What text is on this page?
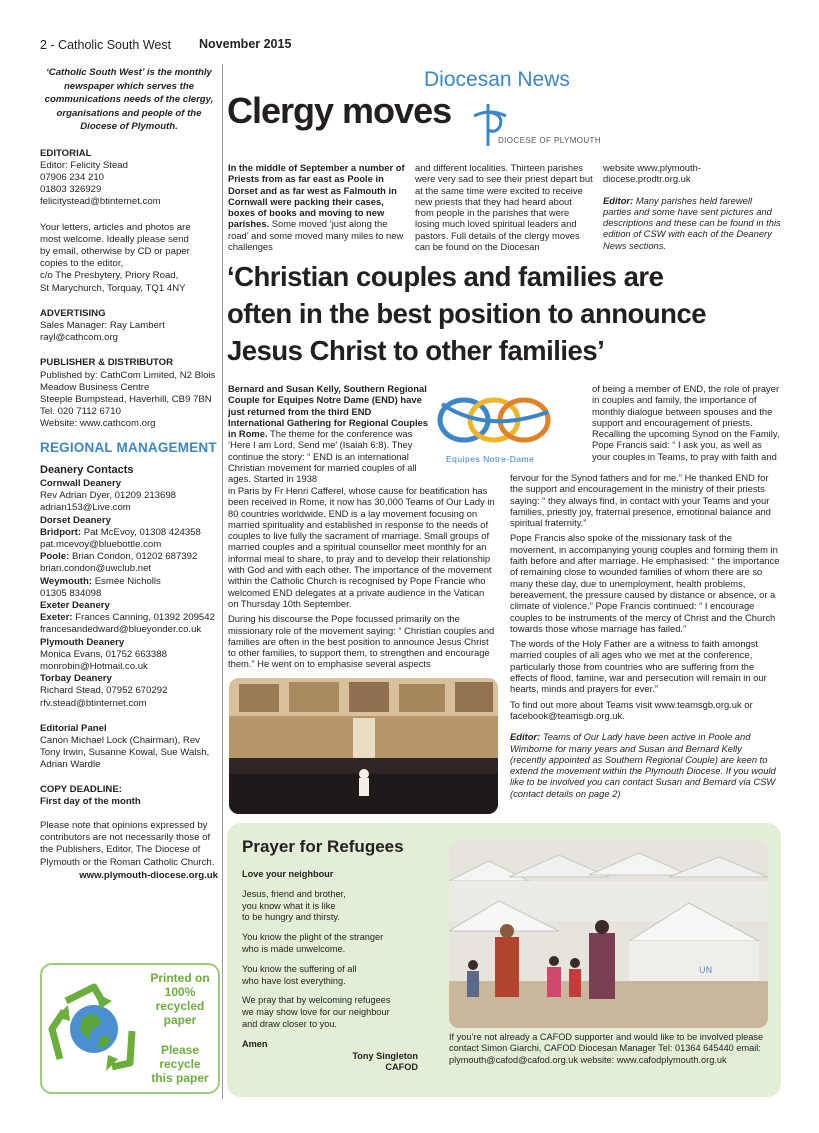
2 - Catholic South West November 2015
‘Catholic South West’ is the monthly
newspaper which serves the
communications needs of the clergy,
organisations and people of the
Diocese of Plymouth.
EDITORIAL
Editor: Felicity Stead
07906 234 210
01803 326929
felicitystead@btinternet.com
Your letters, articles and photos are
most welcome. Ideally please send
by email, otherwise by CD or paper
copies to the editor,
c/o The Presbytery, Priory Road,
St Marychurch, Torquay, TQ1 4NY
ADVERTISING
Sales Manager: Ray Lambert
rayl@cathcom.org
PUBLISHER & DISTRIBUTOR
Published by: CathCom Limited, N2 Blois
Meadow Business Centre
Steeple Bumpstead, Haverhill, CB9 7BN
Tel. 020 7112 6710
Website: www.cathcom.org
REGIONAL MANAGEMENT
Deanery Contacts
Cornwall Deanery
Rev Adrian Dyer, 01209 213698
adrian153@Live.com
Dorset Deanery
Bridport: Pat McEvoy, 01308 424358
pat.mcevoy@bluebottle.com
Poole: Brian Condon, 01202 687392
brian.condon@uwclub.net
Weymouth: Esmée Nicholls
01305 834098
Exeter Deanery
Exeter: Frances Canning, 01392 209542
francesandedward@blueyonder.co.uk
Plymouth Deanery
Monica Evans, 01752 663388
monrobin@Hotmail.co.uk
Torbay Deanery
Richard Stead, 07952 670292
rfv.stead@btinternet.com
Editorial Panel
Canon Michael Lock (Chairman), Rev
Tony Irwin, Susanne Kowal, Sue Walsh,
Adrian Wardle
COPY DEADLINE:
First day of the month
Please note that opinions expressed by
contributors are not necessarily those of
the Publishers, Editor, The Diocese of
Plymouth or the Roman Catholic Church.
www.plymouth-diocese.org.uk
Printed on
100%
recycled
paper
Please
recycle
this paper
Diocesan News
Clergy moves
DIOCESE OF PLYMOUTH
In the middle of September a number of Priests from as far east as Poole in Dorset and as far west as Falmouth in Cornwall were packing their cases, boxes of books and moving to new parishes. Some moved ‘just along the road’ and some moved many miles to new challenges
and different localities. Thirteen parishes were very sad to see their priest depart but at the same time were excited to receive new priests that they had heard about from people in the parishes that were losing much loved spiritual leaders and pastors. Full details of the clergy moves can be found on the Diocesan

website www.plymouth-diocese.prodtr.org.uk

Editor: Many parishes held farewell parties and some have sent pictures and descriptions and these can be found in this edition of CSW with each of the Deanery News sections.

‘Christian couples and families are
often in the best position to announce
Jesus Christ to other families’
Equipes Notre-Dame
Bernard and Susan Kelly, Southern Regional Couple for Equipes Notre Dame (END) have just returned from the third END International Gathering for Regional Couples in Rome. The theme for the conference was ‘Here I am Lord, Send me’ (Isaiah 6:8). They continue the story: “ END is an international Christian movement for married couples of all ages. Started in 1938

in Paris by Fr Henri Cafferel, whose cause for beatification has been received in Rome, it now has 30,000 Teams of Our Lady in 80 countries worldwide. END is a lay movement focusing on married spirituality and established in response to the needs of couples to live fully the sacrament of marriage. Small groups of married couples and a spiritual counsellor meet monthly for an informal meal to share, to pray and to develop their relationship with God and with each other. The importance of the movement within the Catholic Church is recognised by Pope Francie who welcomed END delegates at a private audience in the Vatican on Thursday 10th September.

During his discourse the Pope focussed primarily on the missionary role of the movement saying: “ Christian couples and families are often in the best position to announce Jesus Christ to other families, to support them, to strengthen and encourage them.” He went on to emphasise several aspects

of being a member of END, the role of prayer in couples and family, the importance of monthly dialogue between spouses and the support and encouragement of priests. Recalling the upcoming Synod on the Family, Pope Francis said: “ I ask you, as well as your couples in Teams, to pray with faith and

fervour for the Synod fathers and for me.” He thanked END for the support and encouragement in the ministry of their priests saying: “ they always find, in contact with your Teams and your families, priestly joy, fraternal presence, emotional balance and spiritual fraternity.”

Pope Francis also spoke of the missionary task of the movement, in accompanying young couples and forming them in faith before and after marriage. He emphasised: “ the importance of remaining close to wounded families of whom there are so many these day, due to unemployment, health problems, bereavement, the pressure caused by distance or absence, or a climate of violence.” Pope Francis continued: “ I encourage couples to be instruments of the mercy of Christ and the Church towards those whose marriage has failed.”

The words of the Holy Father are a witness to faith amongst married couples of all ages who we met at the conference, particularly those from countries who are suffering from the effects of flood, famine, war and persecution will remain in our hearts, minds and prayers for ever.”

To find out more about Teams visit www.teamsgb.org.uk or facebook@teamsgb.org.uk.

Editor: Teams of Our Lady have been active in Poole and Wimborne for many years and Susan and Bernard Kelly (recently appointed as Southern Regional Couple) are keen to extend the movement within the Plymouth Diocese. If you would like to be involved you can contact Susan and Bernard via CSW (contact details on page 2)

Prayer for Refugees

Love your neighbour

Jesus, friend and brother,
you know what it is like
to be hungry and thirsty.

You know the plight of the stranger
who is made unwelcome.

You know the suffering of all
who have lost everything.

We pray that by welcoming refugees
we may show love for our neighbour
and draw closer to you.

Amen

Tony Singleton
CAFOD
UN
If you’re not already a CAFOD supporter and would like to be involved please contact Simon Giarchi, CAFOD Diocesan Manager Tel: 01364 645440 email: plymouth@cafod@cafod.org.uk website: www.cafodplymouth.org.uk
